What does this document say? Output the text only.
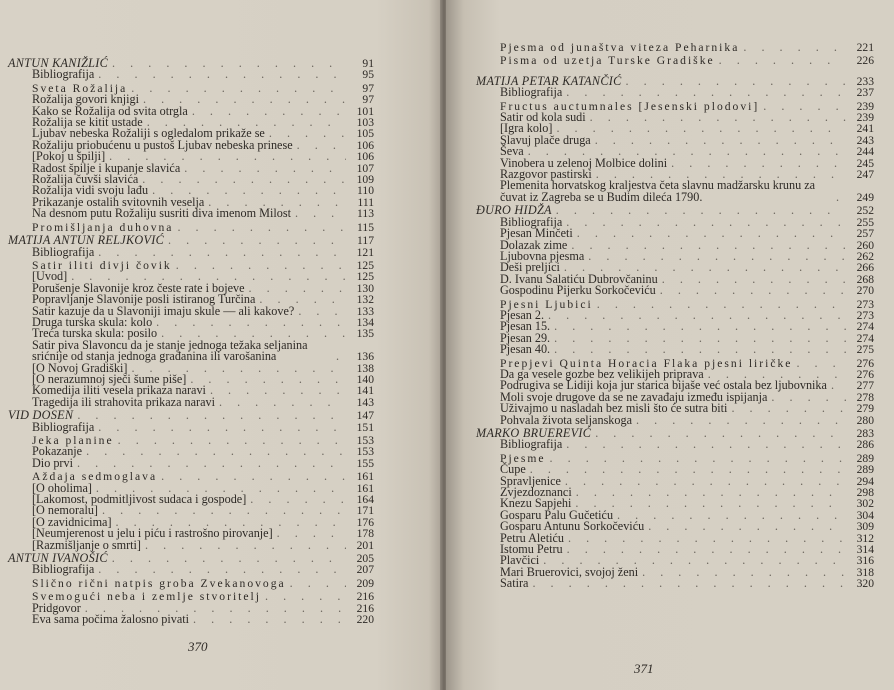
ANTUN KANIŽLIĆ . . .	91
Bibliografija . . .	95
Sveta Rožalija . . .	97
Rožalija govori knjigi . . .	97
Kako se Rožalija od svita otrgla . . .	101
Rožalija se kitit ustade . . .	103
Ljubav nebeska Rožaliji s ogledalom prikaže se . . .	105
Rožaliju priobućenu u pustoš Ljubav nebeska prinese . . .	106
[Pokoj u špilji] . . .	106
Radost špilje i kupanje slavića . . .	107
Rožalija čuvši slavića . . .	109
Rožalija vidi svoju lađu . . .	110
Prikazanje ostalih svitovnih veselja . . .	111
Na desnom putu Rožaliju susriti diva imenom Milost . . .	113
Promišljanja duhovna . . .	115
MATIJA ANTUN RELJKOVIĆ . . .	117
Bibliografija . . .	121
Satir iliti divji čovik . . .	125
[Uvod] . . .	125
Porušenje Slavonije kroz česte rate i bojeve . . .	130
Popravljanje Slavonije posli istiranog Turčina . . .	132
Satir kazuje da u Slavoniji imaju skule — ali kakove? . . .	133
Druga turska skula: kolo . . .	134
Treća turska skula: posilo . . .	135
Satir piva Slavoncu da je stanje jednoga težaka seljanina srićnije od stanja jednoga građanina ili varošanina . . .	136
[O Novoj Gradiški] . . .	138
[O nerazumnoj sječi šume piše] . . .	140
Komedija iliti vesela prikaza naravi . . .	141
Tragedija ili strahovita prikaza naravi . . .	143
VID DOSEN . . .	147
Bibliografija . . .	151
Jeka planine . . .	153
Pokazanje . . .	153
Dio prvi . . .	155
Aždaja sedmoglava . . .	161
[O oholima] . . .	161
[Lakomost, podmitljivost sudaca i gospode] . . .	164
[O nemoralu] . . .	171
[O zavidnicima] . . .	176
[Neumjerenost u jelu i piću i rastrošno pirovanje] . . .	178
[Razmišljanje o smrti] . . .	201
ANTUN IVANOŠIĆ . . .	205
Bibliografija . . .	207
Slično rični natpis groba Zvekanovoga . . .	209
Svemogući neba i zemlje stvoritelj . . .	216
Pridgovor . . .	216
Eva sama počima žalosno pivati . . .	220
370
Pjesma od junaštva viteza Peharnika . . .	221
Pisma od uzetja Turske Gradiške . . .	226
MATIJA PETAR KATANČIĆ . . .	233
Bibliografija . . .	237
Fructus auctumnales [Jesenski plodovi] . . .	239
Satir od kola sudi . . .	239
[Igra kolo] . . .	241
Slavuj plače druga . . .	243
Ševa . . .	244
Vinobera u zelenoj Molbice dolini . . .	245
Razgovor pastirski . . .	247
Plemenita horvatskog kraljestva četa slavnu madžarsku krunu za čuvat iz Zagreba se u Budim dileća 1790. . . .	249
ĐURO HIDŽA . . .	252
Bibliografija . . .	255
Pjesan Minčeti . . .	257
Dolazak zime . . .	260
Ljubovna pjesma . . .	262
Deši preljici . . .	266
D. Ivanu Salatiću Dubrovčaninu . . .	268
Gospodinu Pijerku Sorkočeviću . . .	270
Pjesni Ljubici . . .	273
Pjesan 2. . . .	273
Pjesan 15. . . .	274
Pjesan 29. . . .	274
Pjesan 40. . . .	275
Prepjevi Quinta Horacia Flaka pjesni liričke . . .	276
Da ga vesele gozbe bez velikijeh priprava . . .	276
Podrugiva se Lidiji koja jur starica bijaše već ostala bez ljubovnika . . .	277
Moli svoje drugove da se ne zavađaju između ispijanja . . .	278
Uživajmo u nasladah bez misli što će sutra biti . . .	279
Pohvala života seljanskoga . . .	280
MARKO BRUEREVIĆ . . .	283
Bibliografija . . .	286
Pjesme . . .	289
Čupe . . .	289
Spravljenice . . .	294
Zvjezdoznanci . . .	298
Knezu Sapjehi . . .	302
Gosparu Palu Gučetiću . . .	304
Gosparu Antunu Sorkočeviću . . .	309
Petru Aletiću . . .	312
Istomu Petru . . .	314
Plavčici . . .	316
Mari Bruerovici, svojoj ženi . . .	318
Satira . . .	320
371
